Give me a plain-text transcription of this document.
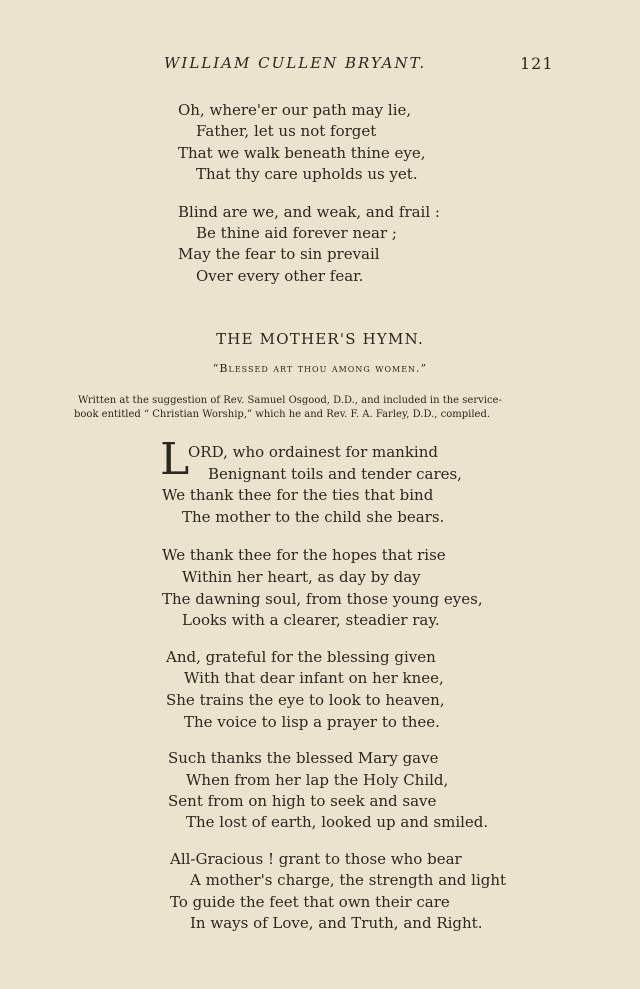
WILLIAM CULLEN BRYANT.	121
Oh, where'er our path may lie,
Father, let us not forget
That we walk beneath thine eye,
That thy care upholds us yet.
Blind are we, and weak, and frail :
Be thine aid forever near ;
May the fear to sin prevail
Over every other fear.
THE MOTHER'S HYMN.
“Blessed art thou among women.”
Written at the suggestion of Rev. Samuel Osgood, D.D., and included in the service-
book entitled “ Christian Worship,” which he and Rev. F. A. Farley, D.D., compiled.
L
ORD, who ordainest for mankind
Benignant toils and tender cares,
We thank thee for the ties that bind
The mother to the child she bears.
We thank thee for the hopes that rise
Within her heart, as day by day
The dawning soul, from those young eyes,
Looks with a clearer, steadier ray.
And, grateful for the blessing given
With that dear infant on her knee,
She trains the eye to look to heaven,
The voice to lisp a prayer to thee.
Such thanks the blessed Mary gave
When from her lap the Holy Child,
Sent from on high to seek and save
The lost of earth, looked up and smiled.
All-Gracious ! grant to those who bear
A mother's charge, the strength and light
To guide the feet that own their care
In ways of Love, and Truth, and Right.
